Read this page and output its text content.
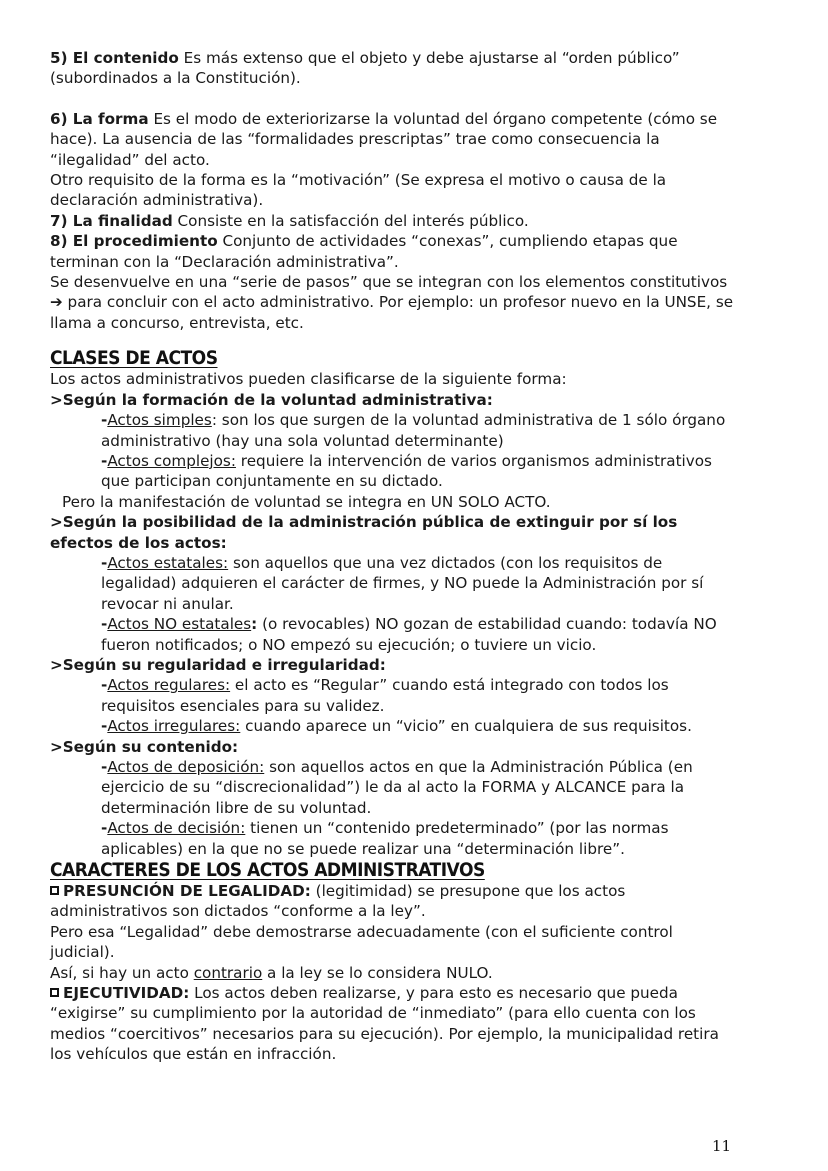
5) El contenido Es más extenso que el objeto y debe ajustarse al “orden público” (subordinados a la Constitución).

6) La forma Es el modo de exteriorizarse la voluntad del órgano competente (cómo se hace). La ausencia de las “formalidades prescriptas” trae como consecuencia la “ilegalidad” del acto.

Otro requisito de la forma es la “motivación” (Se expresa el motivo o causa de la declaración administrativa).

7) La finalidad Consiste en la satisfacción del interés público.

8) El procedimiento Conjunto de actividades “conexas”, cumpliendo etapas que terminan con la “Declaración administrativa”.

Se desenvuelve en una “serie de pasos” que se integran con los elementos constitutivos ➔ para concluir con el acto administrativo. Por ejemplo: un profesor nuevo en la UNSE, se llama a concurso, entrevista, etc.

CLASES DE ACTOS

Los actos administrativos pueden clasificarse de la siguiente forma:

>Según la formación de la voluntad administrativa:

-Actos simples: son los que surgen de la voluntad administrativa de 1 sólo órgano administrativo (hay una sola voluntad determinante)

-Actos complejos: requiere la intervención de varios organismos administrativos que participan conjuntamente en su dictado.

Pero la manifestación de voluntad se integra en UN SOLO ACTO.

>Según la posibilidad de la administración pública de extinguir por sí los efectos de los actos:

-Actos estatales: son aquellos que una vez dictados (con los requisitos de legalidad) adquieren el carácter de firmes, y NO puede la Administración por sí revocar ni anular.

-Actos NO estatales: (o revocables) NO gozan de estabilidad cuando: todavía NO fueron notificados; o NO empezó su ejecución; o tuviere un vicio.

>Según su regularidad e irregularidad:

-Actos regulares: el acto es “Regular” cuando está integrado con todos los requisitos esenciales para su validez.

-Actos irregulares: cuando aparece un “vicio” en cualquiera de sus requisitos.

>Según su contenido:

-Actos de deposición: son aquellos actos en que la Administración Pública (en ejercicio de su “discrecionalidad”) le da al acto la FORMA y ALCANCE para la determinación libre de su voluntad.

-Actos de decisión: tienen un “contenido predeterminado” (por las normas aplicables) en la que no se puede realizar una “determinación libre”.

CARACTERES DE LOS ACTOS ADMINISTRATIVOS

PRESUNCIÓN DE LEGALIDAD: (legitimidad) se presupone que los actos administrativos son dictados “conforme a la ley”.

Pero esa “Legalidad” debe demostrarse adecuadamente (con el suficiente control judicial).

Así, si hay un acto contrario a la ley se lo considera NULO.

EJECUTIVIDAD: Los actos deben realizarse, y para esto es necesario que pueda “exigirse” su cumplimiento por la autoridad de “inmediato” (para ello cuenta con los medios “coercitivos” necesarios para su ejecución). Por ejemplo, la municipalidad retira los vehículos que están en infracción.

11
